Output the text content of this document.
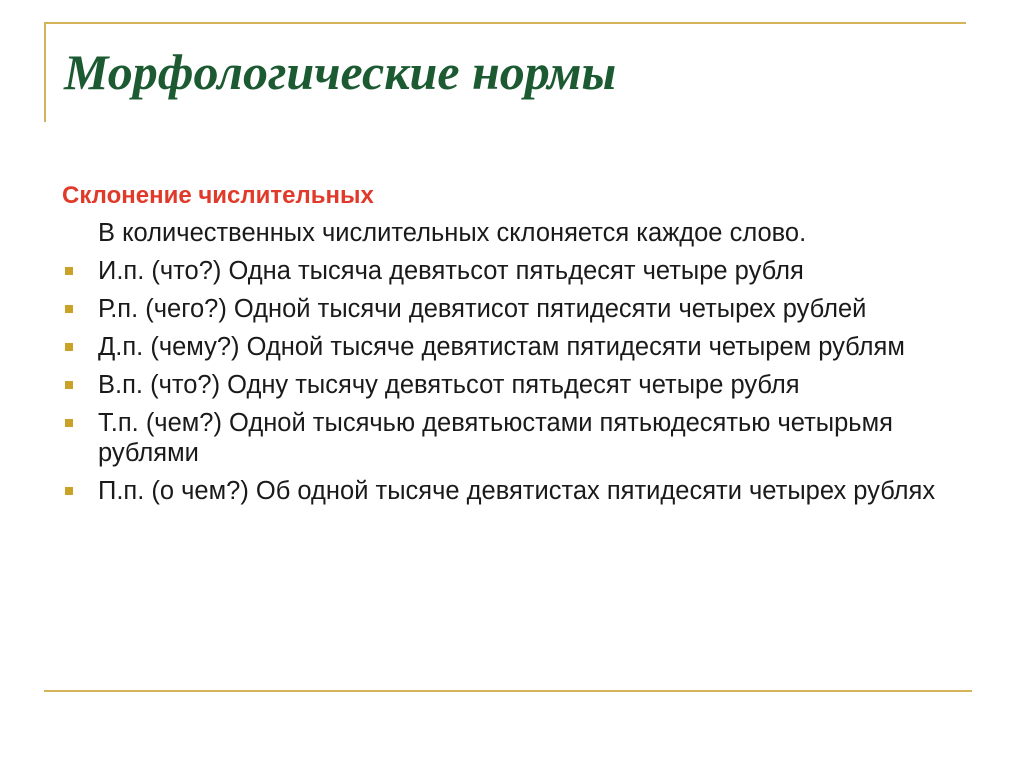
Морфологические нормы

Склонение числительных

В количественных числительных склоняется каждое слово.

И.п. (что?) Одна тысяча девятьсот пятьдесят четыре рубля
Р.п. (чего?) Одной тысячи девятисот пятидесяти четырех рублей
Д.п. (чему?) Одной тысяче девятистам пятидесяти четырем рублям
В.п. (что?) Одну тысячу девятьсот пятьдесят четыре рубля
Т.п. (чем?) Одной тысячью девятьюстами пятьюдесятью четырьмя рублями
П.п. (о чем?) Об одной тысяче девятистах пятидесяти четырех рублях
